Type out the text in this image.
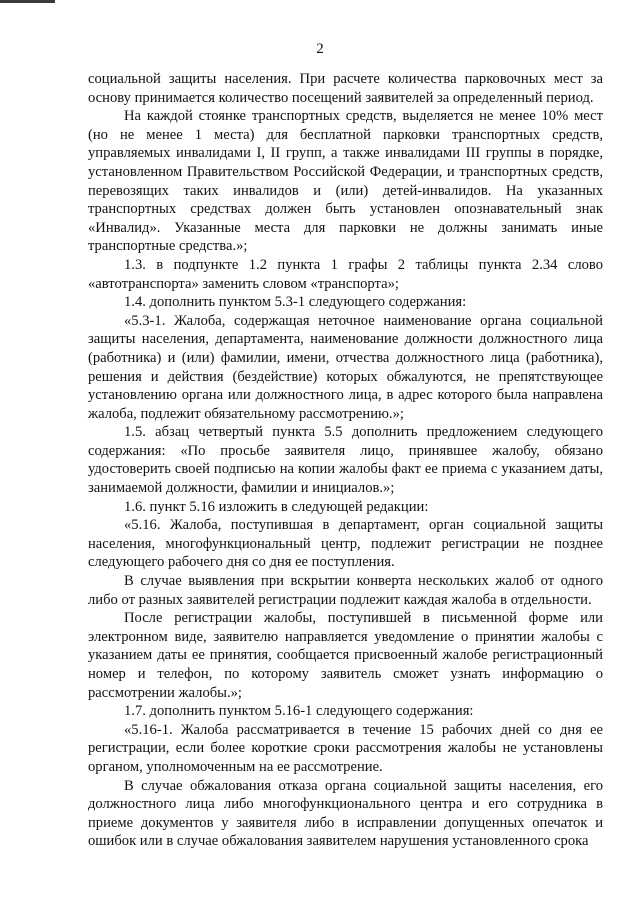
2

социальной защиты населения. При расчете количества парковочных мест за основу принимается количество посещений заявителей за определенный период.

На каждой стоянке транспортных средств, выделяется не менее 10% мест (но не менее 1 места) для бесплатной парковки транспортных средств, управляемых инвалидами I, II групп, а также инвалидами III группы в порядке, установленном Правительством Российской Федерации, и транспортных средств, перевозящих таких инвалидов и (или) детей-инвалидов. На указанных транспортных средствах должен быть установлен опознавательный знак «Инвалид». Указанные места для парковки не должны занимать иные транспортные средства.»;

1.3. в подпункте 1.2 пункта 1 графы 2 таблицы пункта 2.34 слово «автотранспорта» заменить словом «транспорта»;

1.4. дополнить пунктом 5.3-1 следующего содержания:

«5.3-1. Жалоба, содержащая неточное наименование органа социальной защиты населения, департамента, наименование должности должностного лица (работника) и (или) фамилии, имени, отчества должностного лица (работника), решения и действия (бездействие) которых обжалуются, не препятствующее установлению органа или должностного лица, в адрес которого была направлена жалоба, подлежит обязательному рассмотрению.»;

1.5. абзац четвертый пункта 5.5 дополнить предложением следующего содержания: «По просьбе заявителя лицо, принявшее жалобу, обязано удостоверить своей подписью на копии жалобы факт ее приема с указанием даты, занимаемой должности, фамилии и инициалов.»;

1.6. пункт 5.16 изложить в следующей редакции:

«5.16. Жалоба, поступившая в департамент, орган социальной защиты населения, многофункциональный центр, подлежит регистрации не позднее следующего рабочего дня со дня ее поступления.

В случае выявления при вскрытии конверта нескольких жалоб от одного либо от разных заявителей регистрации подлежит каждая жалоба в отдельности.

После регистрации жалобы, поступившей в письменной форме или электронном виде, заявителю направляется уведомление о принятии жалобы с указанием даты ее принятия, сообщается присвоенный жалобе регистрационный номер и телефон, по которому заявитель сможет узнать информацию о рассмотрении жалобы.»;

1.7. дополнить пунктом 5.16-1 следующего содержания:

«5.16-1. Жалоба рассматривается в течение 15 рабочих дней со дня ее регистрации, если более короткие сроки рассмотрения жалобы не установлены органом, уполномоченным на ее рассмотрение.

В случае обжалования отказа органа социальной защиты населения, его должностного лица либо многофункционального центра и его сотрудника в приеме документов у заявителя либо в исправлении допущенных опечаток и ошибок или в случае обжалования заявителем нарушения установленного срока
